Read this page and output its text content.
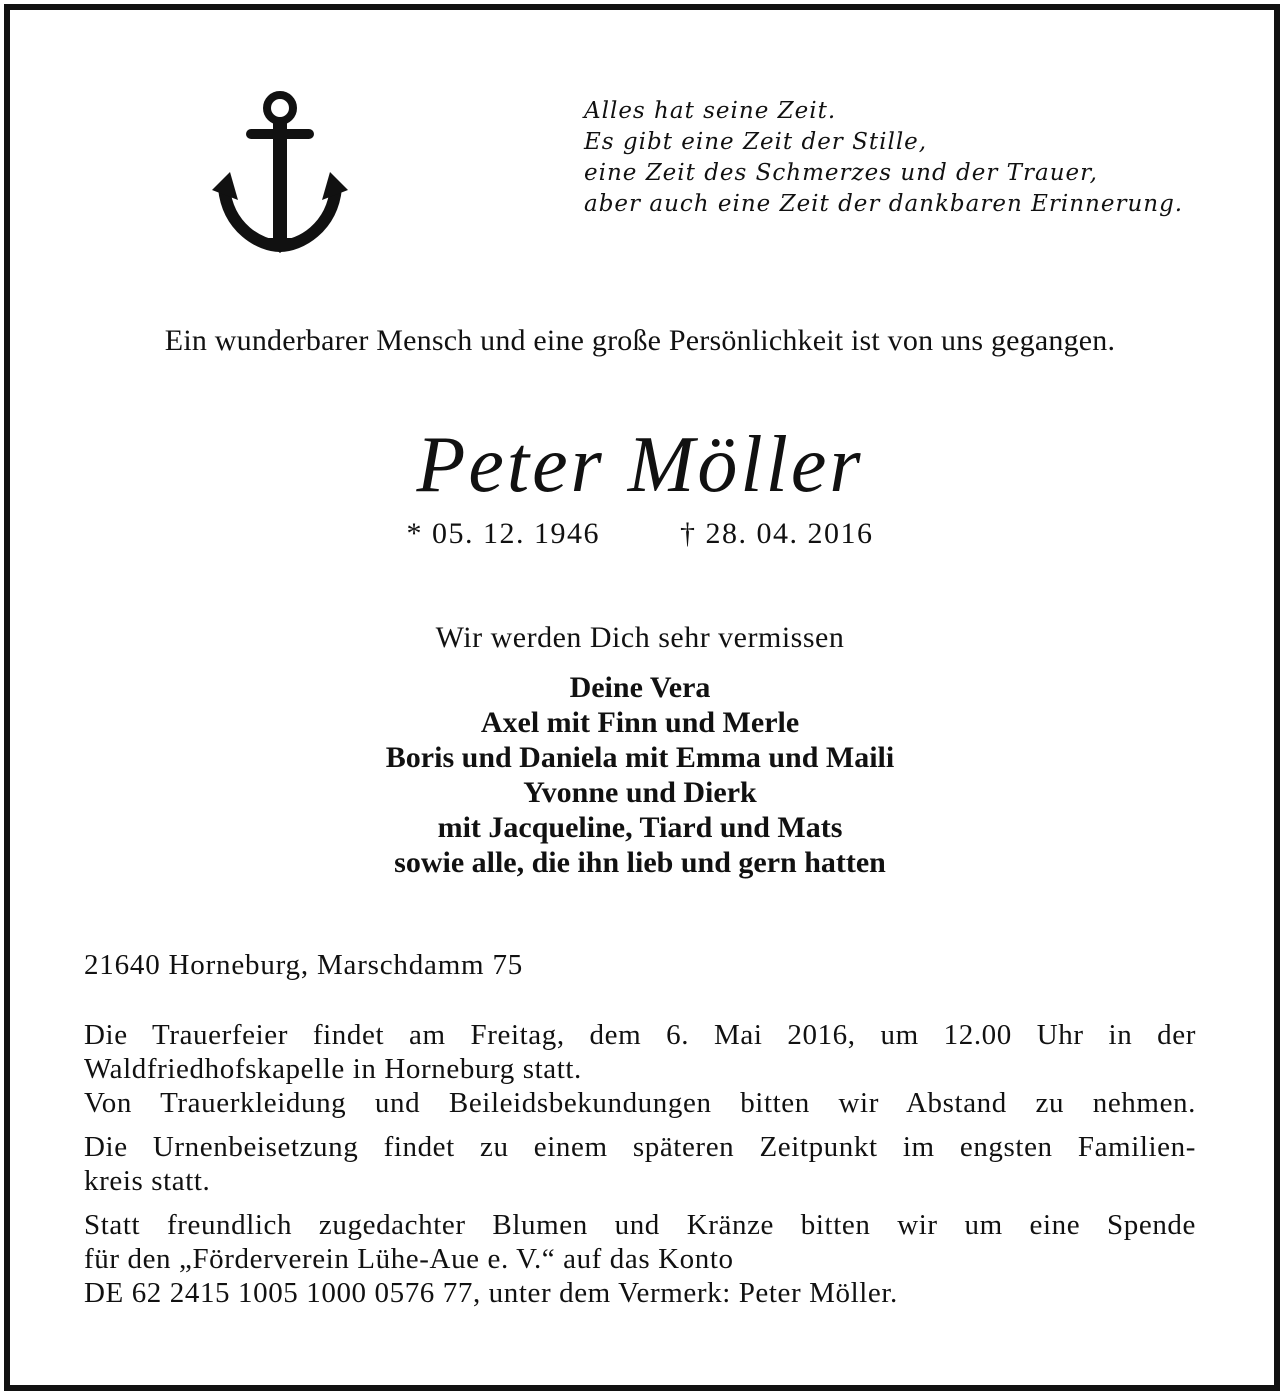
Alles hat seine Zeit.
Es gibt eine Zeit der Stille,
eine Zeit des Schmerzes und der Trauer,
aber auch eine Zeit der dankbaren Erinnerung.
Ein wunderbarer Mensch und eine große Persönlichkeit ist von uns gegangen.
Peter Möller
* 05. 12. 1946	† 28. 04. 2016
Wir werden Dich sehr vermissen
Deine Vera
Axel mit Finn und Merle
Boris und Daniela mit Emma und Maili
Yvonne und Dierk
mit Jacqueline, Tiard und Mats
sowie alle, die ihn lieb und gern hatten
21640 Horneburg, Marschdamm 75
Die Trauerfeier findet am Freitag, dem 6. Mai 2016, um 12.00 Uhr in der
Waldfriedhofskapelle in Horneburg statt.
Von Trauerkleidung und Beileidsbekundungen bitten wir Abstand zu nehmen.
Die Urnenbeisetzung findet zu einem späteren Zeitpunkt im engsten Familien-
kreis statt.
Statt freundlich zugedachter Blumen und Kränze bitten wir um eine Spende
für den „Förderverein Lühe-Aue e. V.“ auf das Konto
DE 62 2415 1005 1000 0576 77, unter dem Vermerk: Peter Möller.
